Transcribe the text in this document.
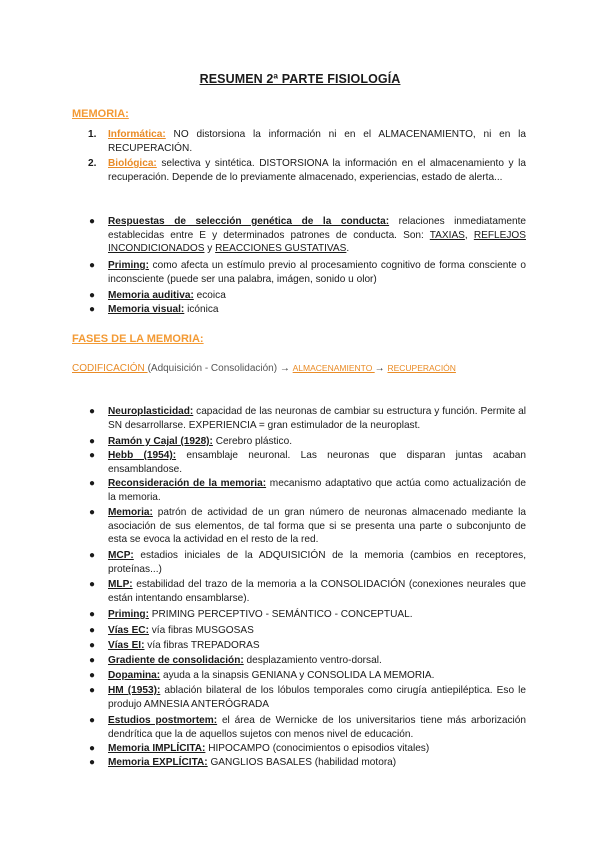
RESUMEN 2ª PARTE FISIOLOGÍA
MEMORIA:
1. Informática: NO distorsiona la información ni en el ALMACENAMIENTO, ni en la RECUPERACIÓN.
2. Biológica: selectiva y sintética. DISTORSIONA la información en el almacenamiento y la recuperación. Depende de lo previamente almacenado, experiencias, estado de alerta...
● Respuestas de selección genética de la conducta: relaciones inmediatamente establecidas entre E y determinados patrones de conducta. Son: TAXIAS, REFLEJOS INCONDICIONADOS y REACCIONES GUSTATIVAS.
● Priming: como afecta un estímulo previo al procesamiento cognitivo de forma consciente o inconsciente (puede ser una palabra, imágen, sonido u olor)
● Memoria auditiva: ecoica
● Memoria visual: icónica
FASES DE LA MEMORIA:
CODIFICACIÓN (Adquisición - Consolidación) → ALMACENAMIENTO → RECUPERACIÓN
● Neuroplasticidad: capacidad de las neuronas de cambiar su estructura y función. Permite al SN desarrollarse. EXPERIENCIA = gran estimulador de la neuroplast.
● Ramón y Cajal (1928): Cerebro plástico.
● Hebb (1954): ensamblaje neuronal. Las neuronas que disparan juntas acaban ensamblandose.
● Reconsideración de la memoria: mecanismo adaptativo que actúa como actualización de la memoria.
● Memoria: patrón de actividad de un gran número de neuronas almacenado mediante la asociación de sus elementos, de tal forma que si se presenta una parte o subconjunto de esta se evoca la actividad en el resto de la red.
● MCP: estadios iniciales de la ADQUISICIÓN de la memoria (cambios en receptores, proteínas...)
● MLP: estabilidad del trazo de la memoria a la CONSOLIDACIÓN (conexiones neurales que están intentando ensamblarse).
● Priming: PRIMING PERCEPTIVO - SEMÁNTICO - CONCEPTUAL.
● Vías EC: vía fibras MUSGOSAS
● Vías EI: vía fibras TREPADORAS
● Gradiente de consolidación: desplazamiento ventro-dorsal.
● Dopamina: ayuda a la sinapsis GENIANA y CONSOLIDA LA MEMORIA.
● HM (1953): ablación bilateral de los lóbulos temporales como cirugía antiepiléptica. Eso le produjo AMNESIA ANTERÓGRADA
● Estudios postmortem: el área de Wernicke de los universitarios tiene más arborización dendrítica que la de aquellos sujetos con menos nivel de educación.
● Memoria IMPLÍCITA: HIPOCAMPO (conocimientos o episodios vitales)
● Memoria EXPLÍCITA: GANGLIOS BASALES (habilidad motora)
